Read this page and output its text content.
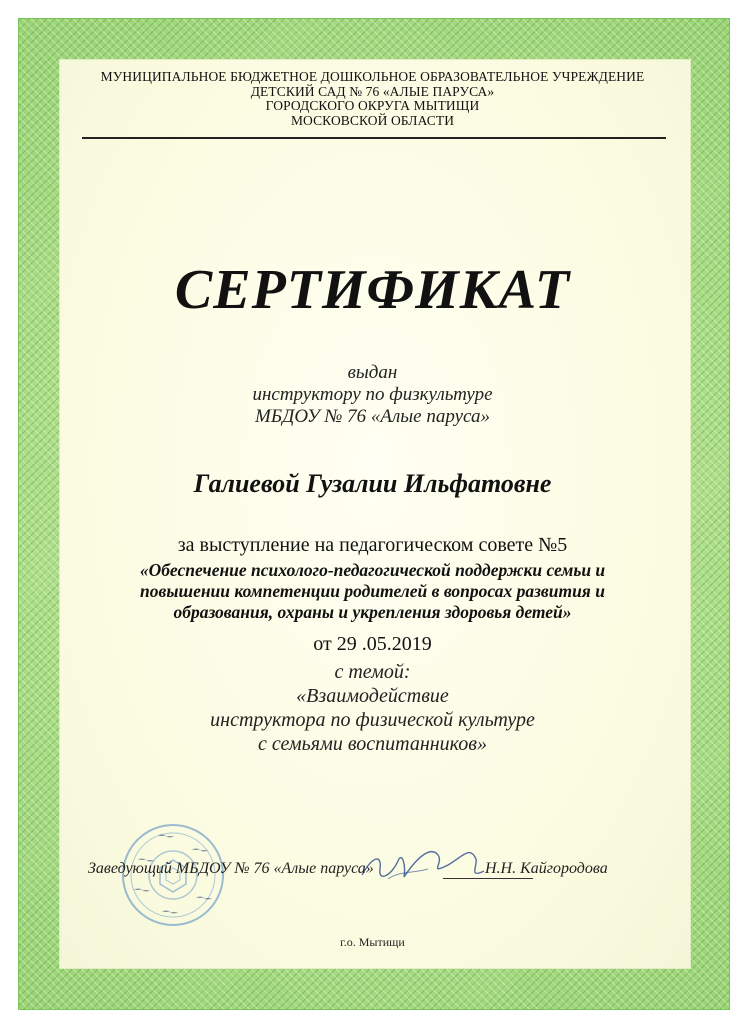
МУНИЦИПАЛЬНОЕ БЮДЖЕТНОЕ ДОШКОЛЬНОЕ ОБРАЗОВАТЕЛЬНОЕ УЧРЕЖДЕНИЕ
ДЕТСКИЙ САД № 76 «АЛЫЕ ПАРУСА»
ГОРОДСКОГО ОКРУГА МЫТИЩИ
МОСКОВСКОЙ ОБЛАСТИ
СЕРТИФИКАТ
выдан
инструктору по физкультуре
МБДОУ № 76 «Алые паруса»
Галиевой Гузалии Ильфатовне
за выступление на педагогическом совете №5
«Обеспечение психолого-педагогической поддержки семьи и
повышении компетенции родителей в вопросах развития и
образования, охраны и укрепления здоровья детей»
от 29 .05.2019
с темой:
«Взаимодействие
инструктора по физической культуре
с семьями воспитанников»
Заведующий МБДОУ № 76 «Алые паруса»	Н.Н. Кайгородова
г.о. Мытищи
